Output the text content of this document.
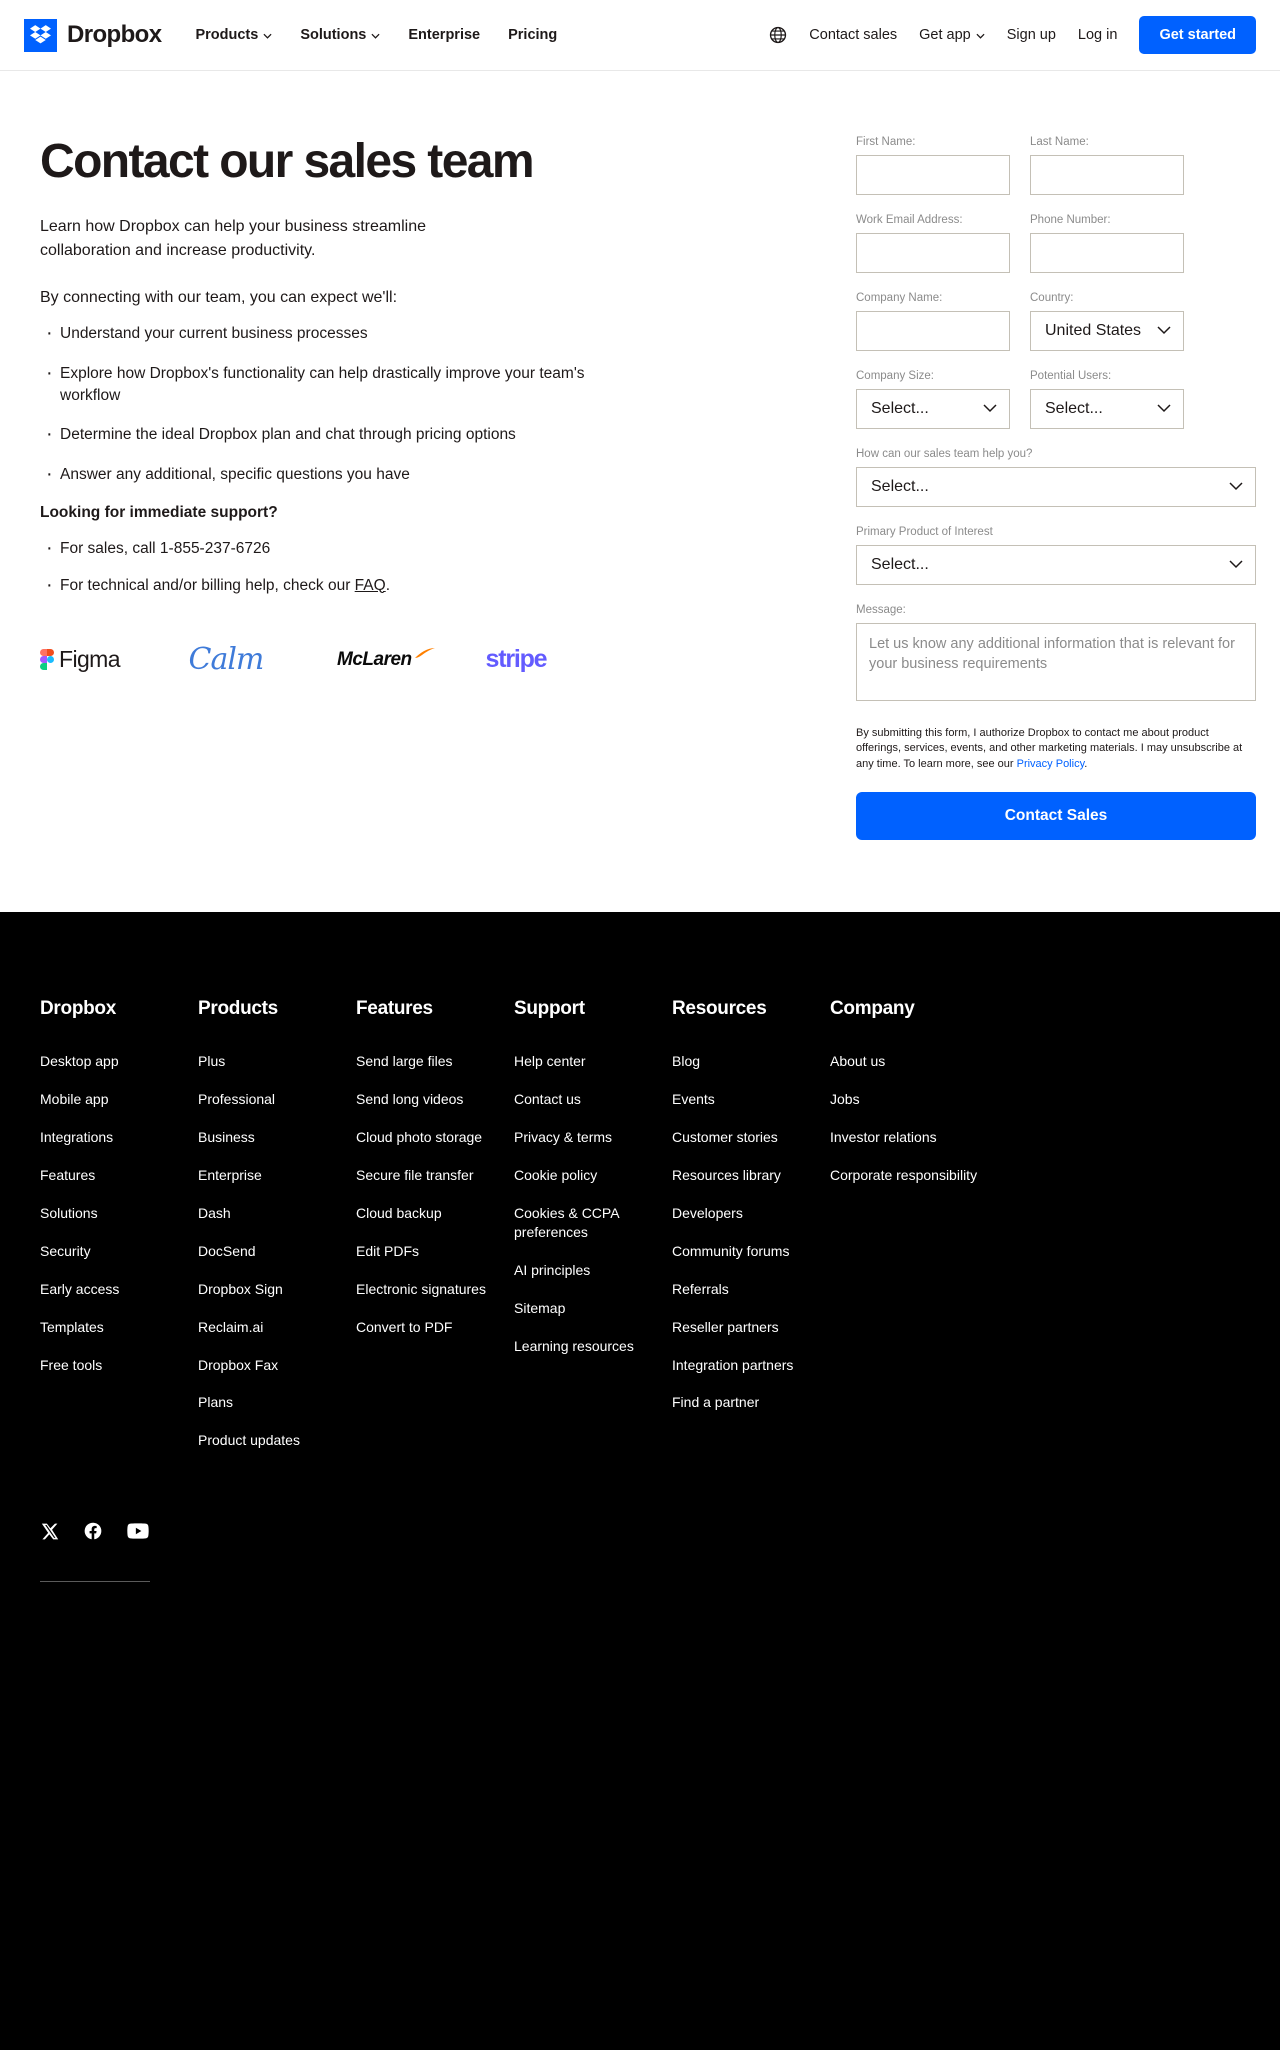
Dropbox Products	Solutions	Enterprise Pricing	Contact sales Get app Sign up Log in	Get started
Contact our sales team

Learn how Dropbox can help your business streamline collaboration and increase productivity.

By connecting with our team, you can expect we'll:

· Understand your current business processes
· Explore how Dropbox's functionality can help drastically improve your team's workflow
· Determine the ideal Dropbox plan and chat through pricing options
· Answer any additional, specific questions you have

Looking for immediate support?

· For sales, call 1-855-237-6726
· For technical and/or billing help, check our FAQ.
Figma Calm	McLaren	stripe
First Name:	Last Name:
Work Email Address:	Phone Number:
Company Name:	Country:
United States
Company Size:
Select...
Potential Users:
Select...
How can our sales team help you?
Select...
Primary Product of Interest
Select...
Message:
Let us know any additional information that is relevant for your business requirements
By submitting this form, I authorize Dropbox to contact me about product offerings, services, events, and other marketing materials. I may unsubscribe at any time. To learn more, see our Privacy Policy.
Contact Sales
Dropbox
Desktop app
Mobile app
Integrations
Features
Solutions
Security
Early access
Templates
Free tools
Products
Plus
Professional
Business
Enterprise
Dash
DocSend
Dropbox Sign
Reclaim.ai
Dropbox Fax
Plans
Product updates
Features
Send large files
Send long videos
Cloud photo storage
Secure file transfer
Cloud backup
Edit PDFs
Electronic signatures
Convert to PDF
Support
Help center
Contact us
Privacy & terms
Cookie policy
Cookies & CCPA preferences
AI principles
Sitemap
Learning resources
Resources
Blog
Events
Customer stories
Resources library
Developers
Community forums
Referrals
Reseller partners
Integration partners
Find a partner
Company
About us
Jobs
Investor relations
Corporate responsibility
